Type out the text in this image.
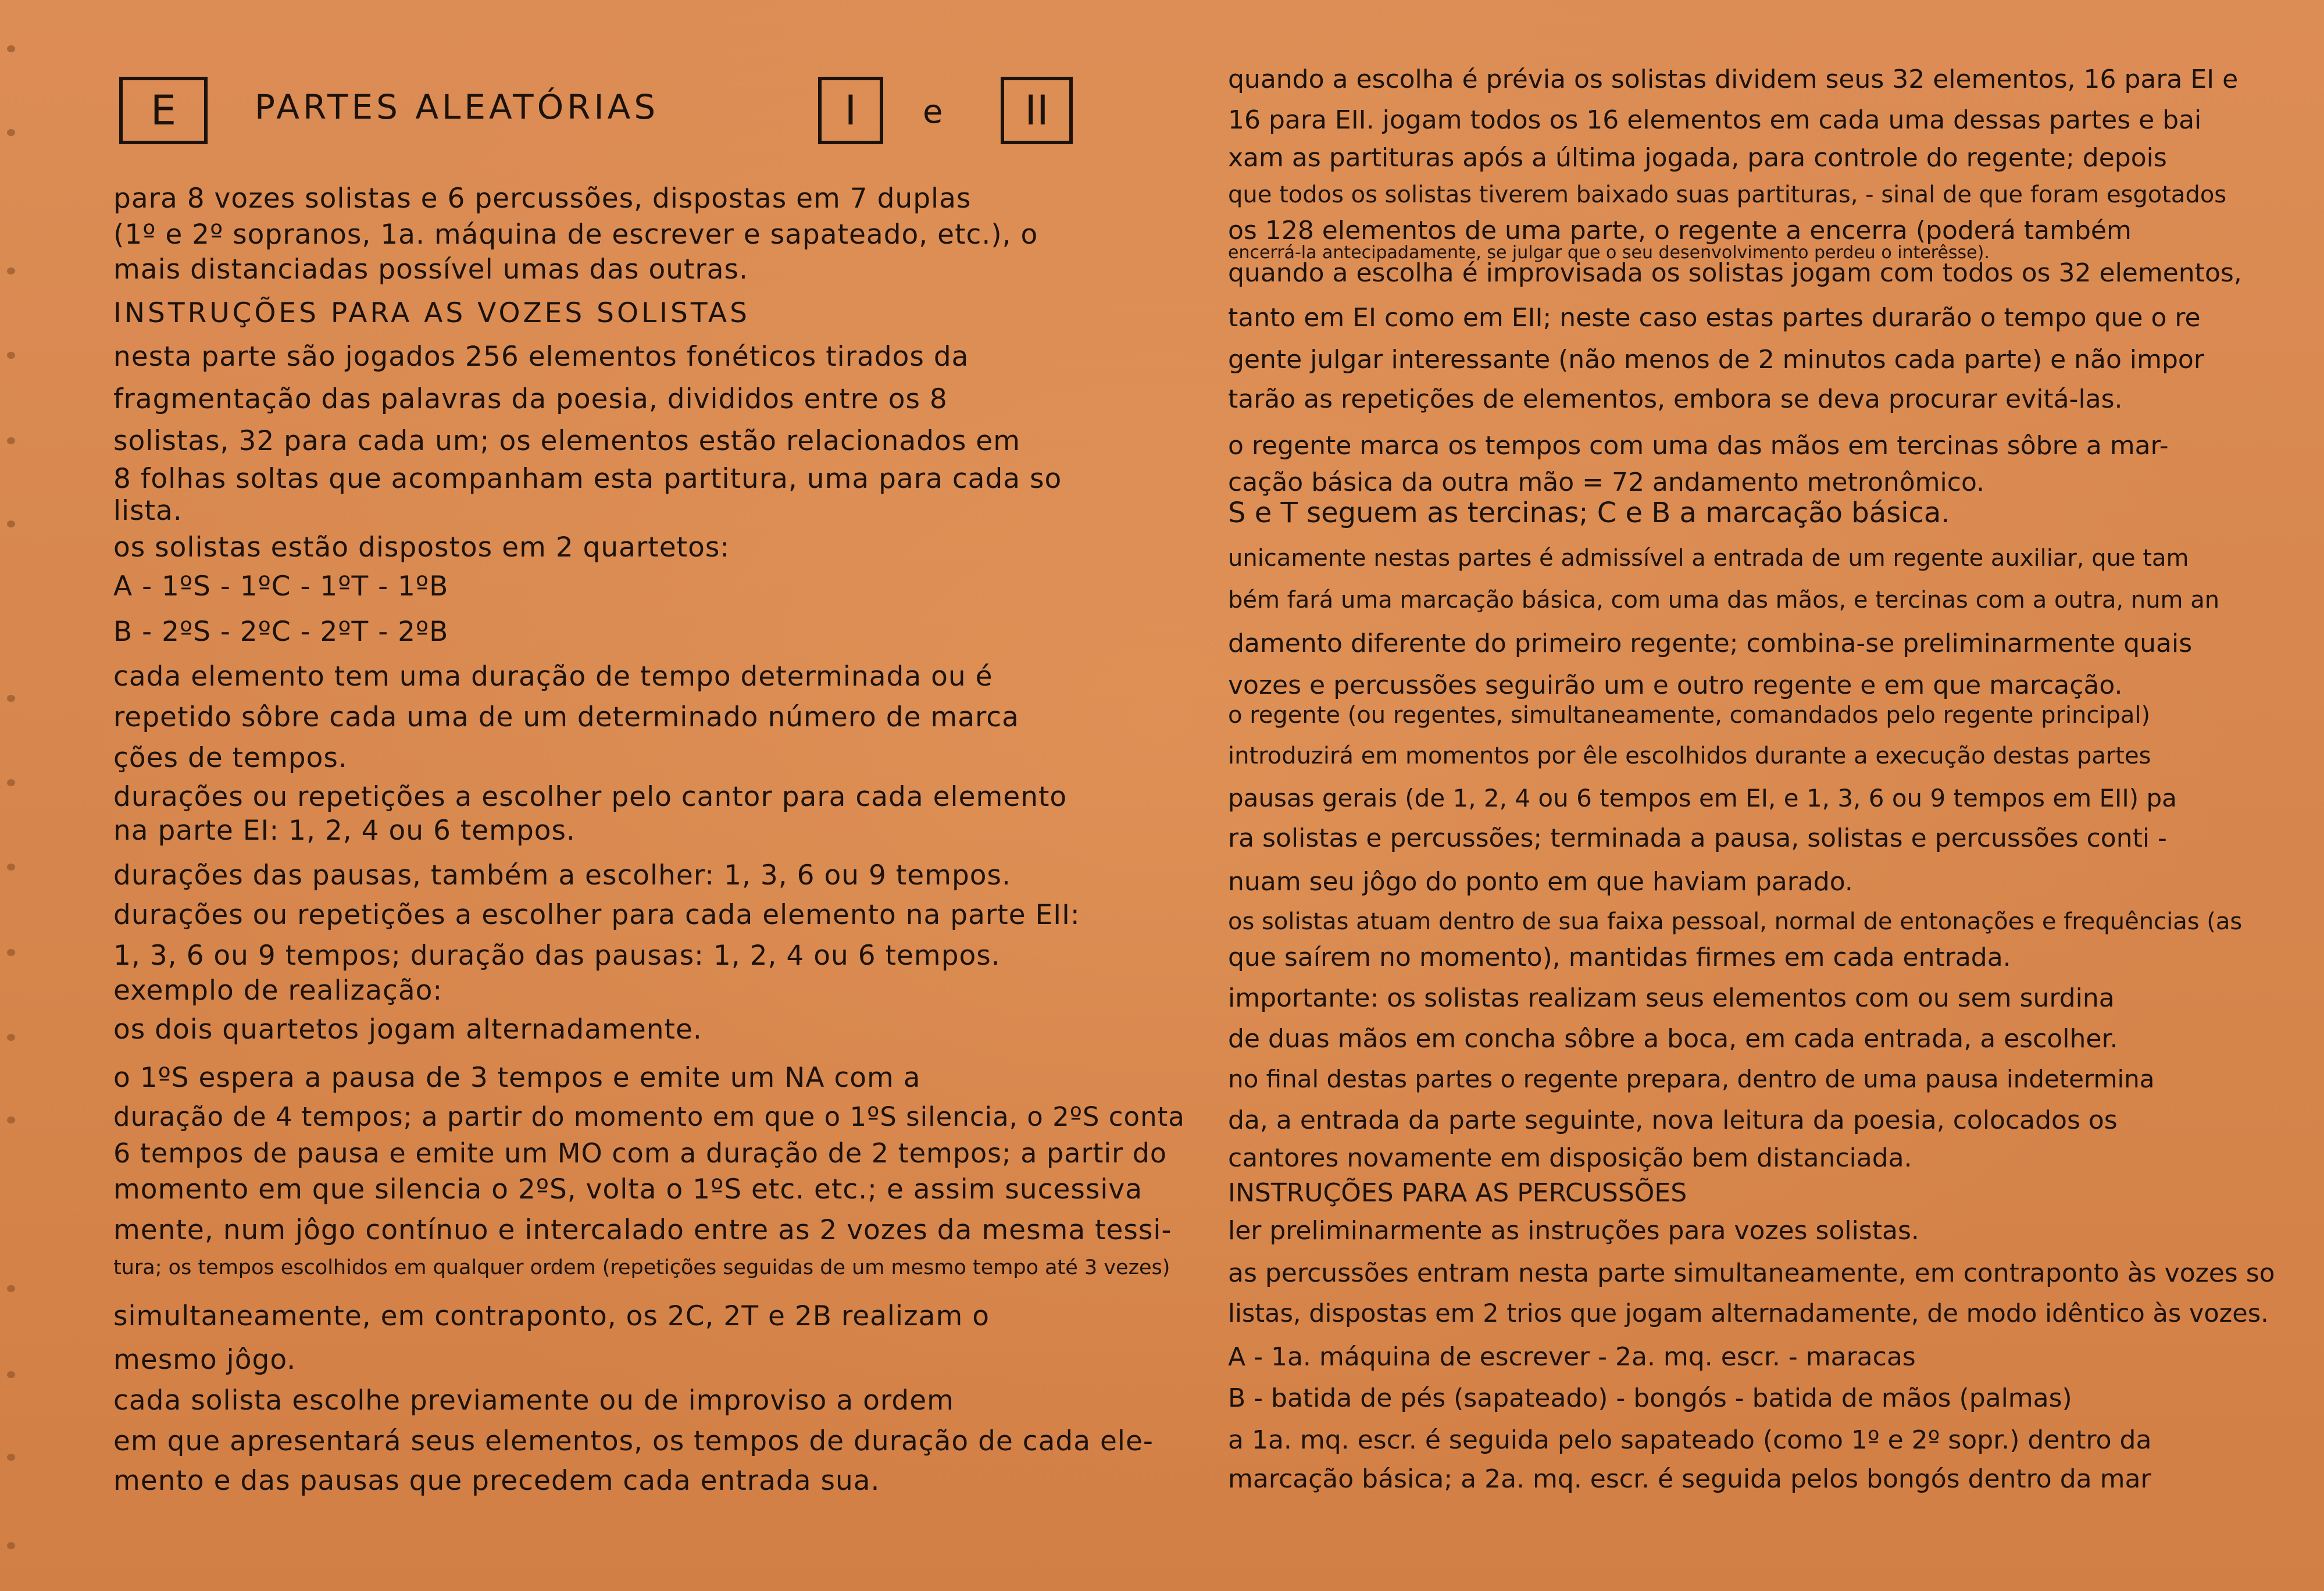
E PARTES ALEATÓRIAS	I e II
para 8 vozes solistas e 6 percussões, dispostas em 7 duplas
(1º e 2º sopranos, 1a. máquina de escrever e sapateado, etc.), o
mais distanciadas possível umas das outras.
INSTRUÇÕES PARA AS VOZES SOLISTAS
nesta parte são jogados 256 elementos fonéticos tirados da
fragmentação das palavras da poesia, divididos entre os 8
solistas, 32 para cada um; os elementos estão relacionados em
8 folhas soltas que acompanham esta partitura, uma para cada so
lista.
os solistas estão dispostos em 2 quartetos:
A - 1ºS - 1ºC - 1ºT - 1ºB
B - 2ºS - 2ºC - 2ºT - 2ºB
cada elemento tem uma duração de tempo determinada ou é
repetido sôbre cada uma de um determinado número de marca
ções de tempos.
durações ou repetições a escolher pelo cantor para cada elemento
na parte EI: 1, 2, 4 ou 6 tempos.
durações das pausas, também a escolher: 1, 3, 6 ou 9 tempos.
durações ou repetições a escolher para cada elemento na parte EII:
1, 3, 6 ou 9 tempos; duração das pausas: 1, 2, 4 ou 6 tempos.
exemplo de realização:
os dois quartetos jogam alternadamente.
o 1ºS espera a pausa de 3 tempos e emite um NA com a
duração de 4 tempos; a partir do momento em que o 1ºS silencia, o 2ºS conta
6 tempos de pausa e emite um MO com a duração de 2 tempos; a partir do
momento em que silencia o 2ºS, volta o 1ºS etc. etc.; e assim sucessiva
mente, num jôgo contínuo e intercalado entre as 2 vozes da mesma tessi-
tura; os tempos escolhidos em qualquer ordem (repetições seguidas de um mesmo tempo até 3 vezes)
simultaneamente, em contraponto, os 2C, 2T e 2B realizam o
mesmo jôgo.
cada solista escolhe previamente ou de improviso a ordem
em que apresentará seus elementos, os tempos de duração de cada ele-
mento e das pausas que precedem cada entrada sua.
quando a escolha é prévia os solistas dividem seus 32 elementos, 16 para EI e
16 para EII. jogam todos os 16 elementos em cada uma dessas partes e bai
xam as partituras após a última jogada, para controle do regente; depois
que todos os solistas tiverem baixado suas partituras, - sinal de que foram esgotados
os 128 elementos de uma parte, o regente a encerra (poderá também
encerrá-la antecipadamente, se julgar que o seu desenvolvimento perdeu o interêsse).
quando a escolha é improvisada os solistas jogam com todos os 32 elementos,
tanto em EI como em EII; neste caso estas partes durarão o tempo que o re
gente julgar interessante (não menos de 2 minutos cada parte) e não impor
tarão as repetições de elementos, embora se deva procurar evitá-las.
o regente marca os tempos com uma das mãos em tercinas sôbre a mar-
cação básica da outra mão = 72 andamento metronômico.
S e T seguem as tercinas; C e B a marcação básica.
unicamente nestas partes é admissível a entrada de um regente auxiliar, que tam
bém fará uma marcação básica, com uma das mãos, e tercinas com a outra, num an
damento diferente do primeiro regente; combina-se preliminarmente quais
vozes e percussões seguirão um e outro regente e em que marcação.
o regente (ou regentes, simultaneamente, comandados pelo regente principal)
introduzirá em momentos por êle escolhidos durante a execução destas partes
pausas gerais (de 1, 2, 4 ou 6 tempos em EI, e 1, 3, 6 ou 9 tempos em EII) pa
ra solistas e percussões; terminada a pausa, solistas e percussões conti -
nuam seu jôgo do ponto em que haviam parado.
os solistas atuam dentro de sua faixa pessoal, normal de entonações e frequências (as
que saírem no momento), mantidas firmes em cada entrada.
importante: os solistas realizam seus elementos com ou sem surdina
de duas mãos em concha sôbre a boca, em cada entrada, a escolher.
no final destas partes o regente prepara, dentro de uma pausa indetermina
da, a entrada da parte seguinte, nova leitura da poesia, colocados os
cantores novamente em disposição bem distanciada.
INSTRUÇÕES PARA AS PERCUSSÕES
ler preliminarmente as instruções para vozes solistas.
as percussões entram nesta parte simultaneamente, em contraponto às vozes so
listas, dispostas em 2 trios que jogam alternadamente, de modo idêntico às vozes.
A - 1a. máquina de escrever - 2a. mq. escr. - maracas
B - batida de pés (sapateado) - bongós - batida de mãos (palmas)
a 1a. mq. escr. é seguida pelo sapateado (como 1º e 2º sopr.) dentro da
marcação básica; a 2a. mq. escr. é seguida pelos bongós dentro da mar
